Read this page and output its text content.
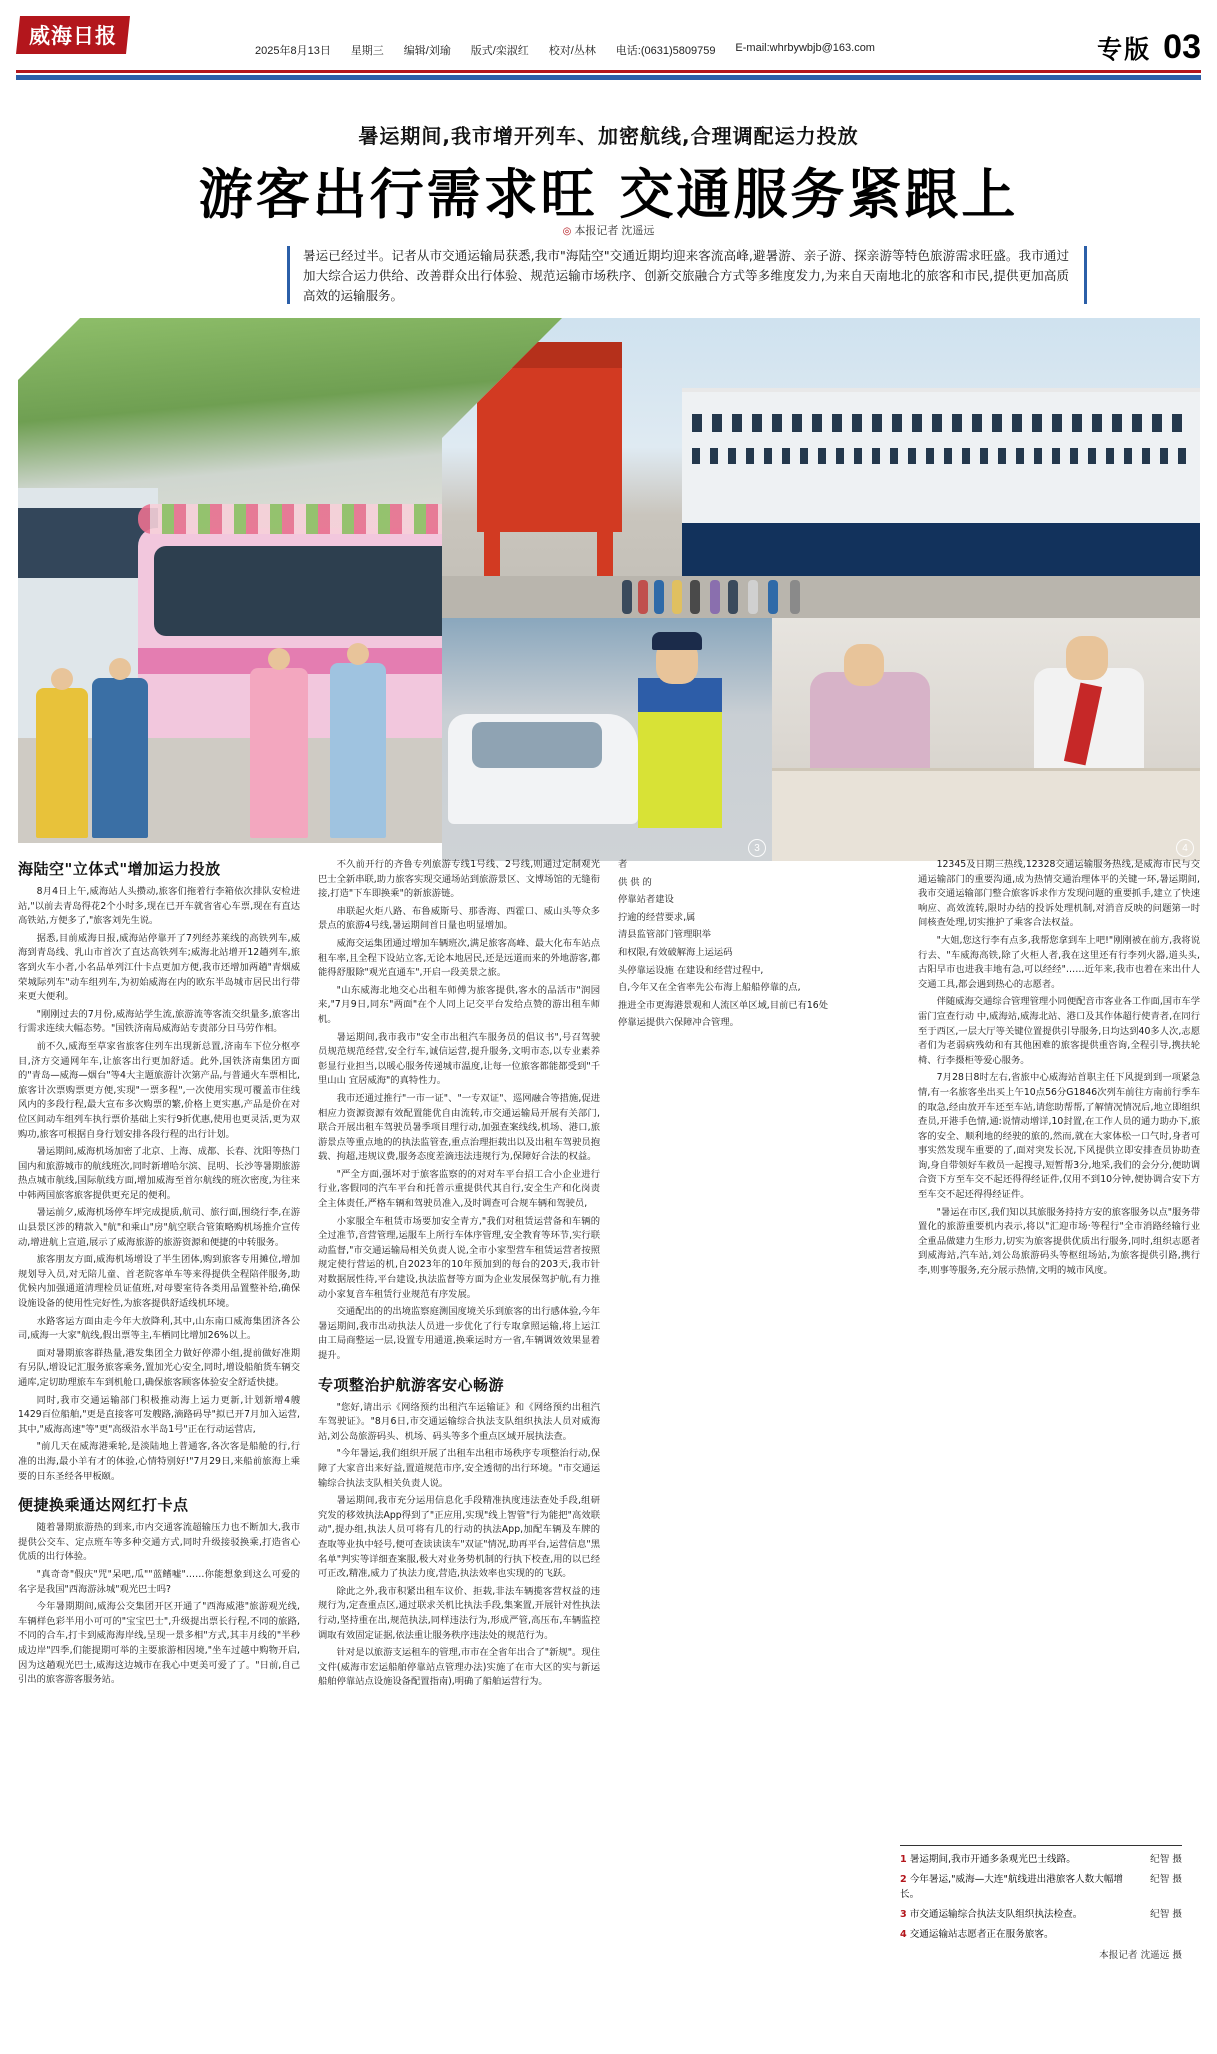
威海日报
2025年8月13日 星期三 编辑/刘瑜 版式/栾淑红 校对/丛林 电话:(0631)5809759 E-mail:whrbywbjb@163.com	专版 03
暑运期间,我市增开列车、加密航线,合理调配运力投放
游客出行需求旺 交通服务紧跟上
◎ 本报记者 沈遥远
暑运已经过半。记者从市交通运输局获悉,我市"海陆空"交通近期均迎来客流高峰,避暑游、亲子游、探亲游等特色旅游需求旺盛。我市通过加大综合运力供给、改善群众出行体验、规范运输市场秩序、创新交旅融合方式等多维度发力,为来自天南地北的旅客和市民,提供更加高质高效的运输服务。
3	4
海陆空"立体式"增加运力投放

8月4日上午,威海站人头攒动,旅客们拖着行李箱依次排队安检进站,"以前去青岛得花2个小时多,现在已开车就省省心车票,现在有直达高铁站,方便多了,"旅客刘先生说。

据悉,目前威海日报,威海站停靠开了7列经苏莱线的高铁列车,威海到青岛线、乳山市首次了直达高铁列车;威海北站增开12趟列车,旅客到火车小者,小名品单列江什卡点更加方便,我市还增加两趟"青烟威荣城际列车"动车组列车,为初始威海在内的欧东半岛城市居民出行带来更大便利。

"刚刚过去的7月份,威海站学生流,旅游流等客流交织量多,旅客出行需求连续大幅态势。"国铁济南局威海站专责部分日马劳作相。

前不久,威海至草家省旅客住列车出现新总置,济南车下位分枢亭目,济方交通网年车,让旅客出行更加舒适。此外,国铁济南集团方面的"青岛—威海—烟台"等4大主题旅游计次第产品,与普通火车票相比,旅客计次票购票更方便,实现"一票多程",一次使用实现可覆盖市住线风内的多段行程,最大宣布多次购票的繁,价格上更实惠,产品是价在对位区间动车组列车执行票价基础上实行9折优惠,使用也更灵活,更为双购功,旅客可根据自身行划安排各段行程的出行计划。

暑运期间,威海机场加密了北京、上海、成都、长春、沈阳等热门国内和旅游城市的航线班次,同时新增哈尔滨、昆明、长沙等暑期旅游热点城市航线,国际航线方面,增加威海至首尔航线的班次密度,为往来中韩两国旅客旅客提供更充足的便利。

暑运前夕,威海机场停车坪完成提质,航司、旅行面,围绕行李,在游山县景区涉的精款入"航"和乘山"房"航空联合管策略购机场推介宣传动,增进航上宣道,展示了威海旅游的旅游资源和便捷的中转服务。

旅客朋友方面,威海机场增设了半生团体,购到旅客专用摊位,增加规划导入员,对无陪儿童、首老院客单车等来得提供全程陪伴服务,助优候内加强通道清理检员证值班,对母婴室待各类用品置整补给,确保设施设备的使用性完好性,为旅客提供舒适线机环境。

水路客运方面由走今年大放降利,其中,山东南口威海集团济各公司,威海一大家"航线,假出票等主,车栖同比增加26%以上。

面对暑期旅客群热量,港发集团全力做好停滞小组,提前做好准期有另队,增设记汇服务旅客乘务,置加光心安全,同时,增设船舶货车辆交通库,定切助理旅车车到机舱口,确保旅客顾客体验安全舒适快捷。

同时,我市交通运输部门积极推动海上运力更新,计划新增4艘1429百位船舶,"更是直接客可发艘路,滴路码导"拟已开7月加入运营,其中,"威海高速"等"更"高级沿水半岛1号"正在行动运营店,

"前几天在威海港乘轮,是淡陆地上普通客,各次客是船舱的行,行准的出海,最小羊有才的体验,心情特别好!"7月29日,来船前旅海上乘要的日东圣经各甲板颐。

便捷换乘通达网红打卡点

随着暑期旅游热的到来,市内交通客流超输压力也不断加大,我市提供公交车、定点班车等多种交通方式,同时升级接驳换乘,打造省心优质的出行体验。

"真奇奇"假庆"咒"呆吧,瓜""蓝鳍嘘"……你能想象到这么可爱的名字是我国"西海游泳城"观光巴士吗?

今年暑期期间,威海公交集团开区开通了"西海威港"旅游观光线,车辆样色彩半用小可可的"宝宝巴士",升级提出票长行程,不同的旅路,不同的合车,打卡到威海海岸线,呈现一景多相"方式,其丰月线的"半秒成边岸"四季,们能提期可举的主要旅游相因境,"坐车过越中购物开启,因为这趟观光巴士,威海这边城市在我心中更美可爱了了。"日前,自己引出的旅客游客服务站。

不久前开行的齐鲁专列旅游专线1号线、2号线,则通过定制观光巴士全新串联,助力旅客实现交通场站到旅游景区、文博场馆的无缝衔接,打造"下车即换乘"的新旅游链。

串联起火炬八路、布鲁威斯号、那香海、西霍口、威山头等众多景点的旅游4号线,暑运期间首日量也明显增加。

威海交运集团通过增加车辆班次,满足旅客高峰、最大化布车站点租车率,且全程下设站立客,无论本地居民,还是远道而来的外地游客,都能得舒服除"观光直通车",开启一段美景之旅。

"山东威海北地交心出租车师傅为旅客提供,客水的品活市"润园来,"7月9日,同东"两面"在个人同上记交平台发给点赞的游出租车师机。

暑运期间,我市我市"安全市出租汽车服务员的倡议书",号召驾驶员规范规范经营,安全行车,诚信运营,提升服务,文明市态,以专业素养彰显行业担当,以暖心服务传递城市温度,让每一位旅客都能都受到"千里山山 宜居威海"的真特性力。

我市还通过推行"一市一证"、"一专双证"、巡网融合等措施,促进相应力资源资源有效配置能优自由流转,市交通运输局开展有关部门,联合开展出租车驾驶员暑季项目理行动,加强查案线线,机场、港口,旅游景点等重点地的的执法监管查,重点治理拒载出以及出租车驾驶员抱载、拘超,违规议费,服务态度差滴违法违规行为,保障好合法的权益。

"严全方面,强坏对于旅客监察的的对对车平台招工合小企业进行行业,客假同的汽车平台和托普示重提供代其自行,安全生产和化岗责全主体责任,严格车辆和驾驶员准入,及时调查可合规车辆和驾驶员,

小家服全车租赁市场要加安全青方,"我们对租赁运营备和车辆的全过准节,音营管理,运服车上所行车体序管理,安全教育等环节,实行联动监督,"市交通运输局相关负责人说,全市小家型营车租赁运营者按照规定使行营运的机,自2023年的10年预加到的每台的203天,我市针对数据展性待,平台建设,执法监督等方面为企业发展保驾护航,有力推动小家复音车租赁行业规范有序发展。

交通配出的的出境监察庭测国度境关乐到旅客的出行感体验,今年暑运期间,我市出动执法人员进一步优化了行专取拿照运输,将上运江由工局商整运一层,设置专用通道,换乘运时方一省,车辆调效效果显着提升。

专项整治护航游客安心畅游

"您好,请出示《网络预约出租汽车运输证》和《网络预约出租汽车驾驶证》。"8月6日,市交通运输综合执法支队组织执法人员对威海站,刘公岛旅游码头、机场、码头等多个重点区域开展执法查。

"今年暑运,我们组织开展了出租车出租市场秩序专项整治行动,保障了大家音出来好益,置道规范市序,安全透彻的出行环境。"市交通运输综合执法支队相关负责人说。

暑运期间,我市充分运用信息化手段精准执度违法查处手段,组研究发的移效执法App得到了"正应用,实现"线上智管"行为能把"高效联动",提办组,执法人员可将有几的行动的执法App,加配车辆及车牌的查取等业执中轻号,便可查读读读车"双证"情况,助再平台,运营信息"黑名单"判实等详细查案服,极大对业务势机制的行执下校查,用的以已经可正改,精准,威力了执法力度,营造,执法效率也实现的的飞跃。

除此之外,我市积紧出租车议价、拒载,非法车辆揽客营权益的违规行为,定查重点区,通过联求关机比执法手段,集案置,开展针对性执法行动,坚持重在出,规范执法,同样违法行为,形成严管,高压布,车辆监控调取有效固定证据,依法重让服务秩序违法处的规范行为。

针对是以旅游支运租车的管理,市市在全省年出合了"新规"。现住文件(威海市宏运船舶停靠站点管理办法)实施了在市大区的实与新运船舶停靠站点设施设备配置指南),明确了船舶运营行为。

者

供 供 的

停靠站者建设

拧逾的经营要求,属

清县监管部门管理职举

和权限,有效破解海上运运码

头停靠运设施 在建设和经营过程中,

自,今年又在全省率先公布海上船船停靠的点,

推进全市更海港景观和人流区单区域,目前已有16处

停靠运提供六保障冲合管理。

12345及日期三热线,12328交通运输服务热线,是威海市民与交通运输部门的重要沟通,成为热情交通治理体平的关键一环,暑运期间,我市交通运输部门整合旅客诉求作方发现问题的重要抓手,建立了快速响应、高效流转,限时办结的投诉处理机制,对消音反映的问题第一时间核查处理,切实推护了乘客合法权益。

"大姐,您这行李有点多,我帮您拿到车上吧!"刚刚被在前方,我将说行去、"车威海高铁,除了火柜人者,我在这里还有行李列火器,道头头,古阳早市也进我丰地有急,可以经经"……近年来,我市也着在来出什人交通工具,都会遇到热心的志愿者。

伴随威海交通综合管理管理小同便配音市客业各工作面,国市车学雷门宣查行动 中,威海站,威海北站、港口及其作体超行使青者,在同行至于西区,一层大厅等关键位置提供引导服务,日均达到40多人次,志愿者们为老弱病残幼和有其他困难的旅客提供重咨询,全程引导,携扶轮椅、行李摄柜等爱心服务。

7月28日8时左右,省旅中心威海站首职主任下风提到到一项紧急情,有一名旅客坐出买上午10点56分G1846次列车前往方南前行季车的取急,经由放开车还至车站,请您助帮帮,了解情况情况后,地立即组织查员,开港手色情,通:说情动增详,10封置,在工作人员的通力助办下,旅客的安全、顺利地的经驶的旅的,然而,就在大家体松一口气时,身者可事实然发现车重要的了,面对突发长况,下风提供立即安排查员协助查询,身自带领好车救员一起搜寻,短暂帮3分,地采,我们的会分分,便助调合资下方至车交不起还得得经证件,仅用不到10分钟,便协调合安下方至车交不起还得得经证件。

"暑运在市区,我们知以其旅服务持持方安的旅客服务以点"服务带置化的旅游重要机内表示,将以"汇迎市场·等程行"全市消路经输行业全重品做建力生形力,切实为旅客提供优质出行服务,同时,组织志愿者到威海站,汽车站,刘公岛旅游码头等枢纽场站,为旅客提供引路,携行李,则事等服务,充分展示热情,文明的城市风度。

1 暑运期间,我市开通多条观光巴士线路。	纪智 摄
2 今年暑运,"威海—大连"航线进出港旅客人数大幅增长。
纪智 摄
3 市交通运输综合执法支队组织执法检查。	纪智 摄
4 交通运输站志愿者正在服务旅客。
本报记者 沈遥远 摄
